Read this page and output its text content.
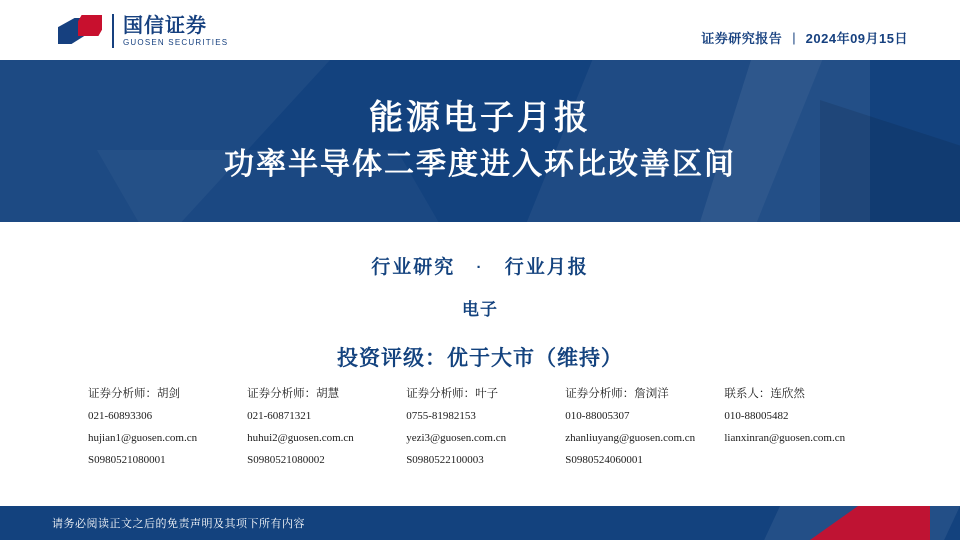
国信证券
GUOSEN SECURITIES	证券研究报告 | 2024年09月15日
能源电子月报
功率半导体二季度进入环比改善区间
行业研究 · 行业月报
电子
投资评级：优于大市（维持）
证券分析师：胡剑
021-60893306
hujian1@guosen.com.cn
S0980521080001
证券分析师：胡慧
021-60871321
huhui2@guosen.com.cn
S0980521080002
证券分析师：叶子
0755-81982153
yezi3@guosen.com.cn
S0980522100003
证券分析师：詹浏洋
010-88005307
zhanliuyang@guosen.com.cn
S0980524060001
联系人：连欣然
010-88005482
lianxinran@guosen.com.cn
请务必阅读正文之后的免责声明及其项下所有内容
